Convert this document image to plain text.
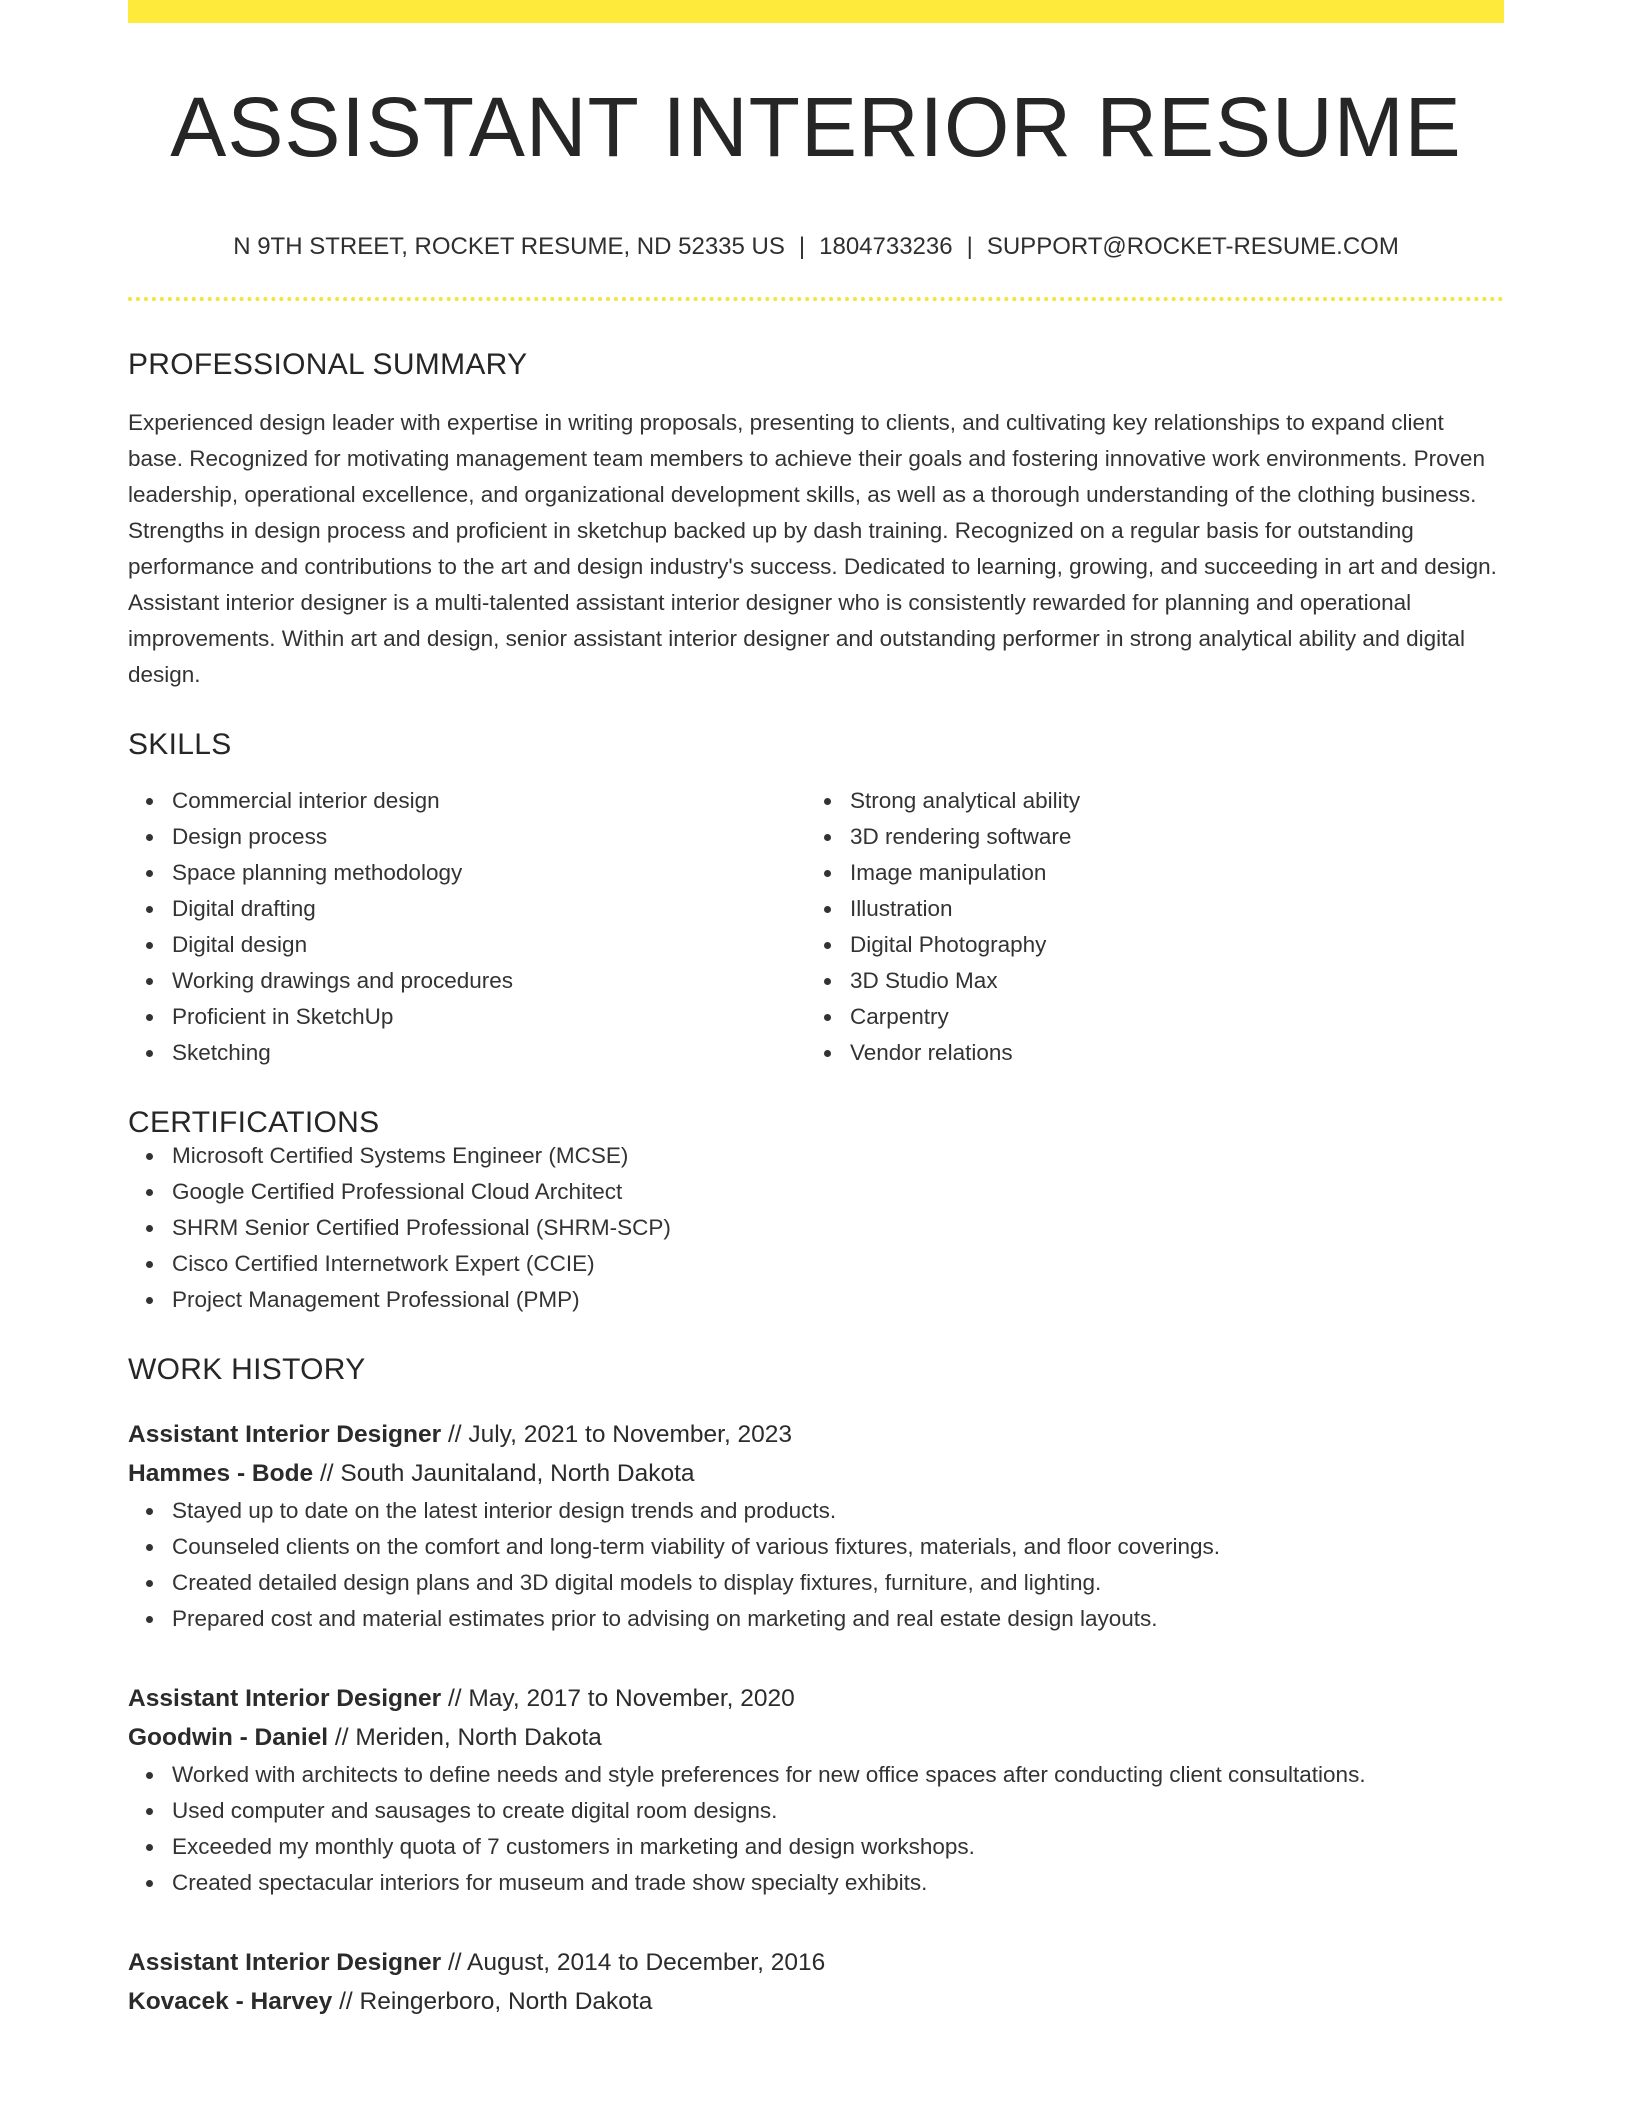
ASSISTANT INTERIOR RESUME
N 9TH STREET, ROCKET RESUME, ND 52335 US | 1804733236 | SUPPORT@ROCKET-RESUME.COM
PROFESSIONAL SUMMARY
Experienced design leader with expertise in writing proposals, presenting to clients, and cultivating key relationships to expand client base. Recognized for motivating management team members to achieve their goals and fostering innovative work environments. Proven leadership, operational excellence, and organizational development skills, as well as a thorough understanding of the clothing business. Strengths in design process and proficient in sketchup backed up by dash training. Recognized on a regular basis for outstanding performance and contributions to the art and design industry's success. Dedicated to learning, growing, and succeeding in art and design. Assistant interior designer is a multi-talented assistant interior designer who is consistently rewarded for planning and operational improvements. Within art and design, senior assistant interior designer and outstanding performer in strong analytical ability and digital design.
SKILLS
Commercial interior design
Design process
Space planning methodology
Digital drafting
Digital design
Working drawings and procedures
Proficient in SketchUp
Sketching
Strong analytical ability
3D rendering software
Image manipulation
Illustration
Digital Photography
3D Studio Max
Carpentry
Vendor relations
CERTIFICATIONS
Microsoft Certified Systems Engineer (MCSE)
Google Certified Professional Cloud Architect
SHRM Senior Certified Professional (SHRM-SCP)
Cisco Certified Internetwork Expert (CCIE)
Project Management Professional (PMP)
WORK HISTORY
Assistant Interior Designer // July, 2021 to November, 2023
Hammes - Bode // South Jaunitaland, North Dakota
Stayed up to date on the latest interior design trends and products.
Counseled clients on the comfort and long-term viability of various fixtures, materials, and floor coverings.
Created detailed design plans and 3D digital models to display fixtures, furniture, and lighting.
Prepared cost and material estimates prior to advising on marketing and real estate design layouts.
Assistant Interior Designer // May, 2017 to November, 2020
Goodwin - Daniel // Meriden, North Dakota
Worked with architects to define needs and style preferences for new office spaces after conducting client consultations.
Used computer and sausages to create digital room designs.
Exceeded my monthly quota of 7 customers in marketing and design workshops.
Created spectacular interiors for museum and trade show specialty exhibits.
Assistant Interior Designer // August, 2014 to December, 2016
Kovacek - Harvey // Reingerboro, North Dakota
